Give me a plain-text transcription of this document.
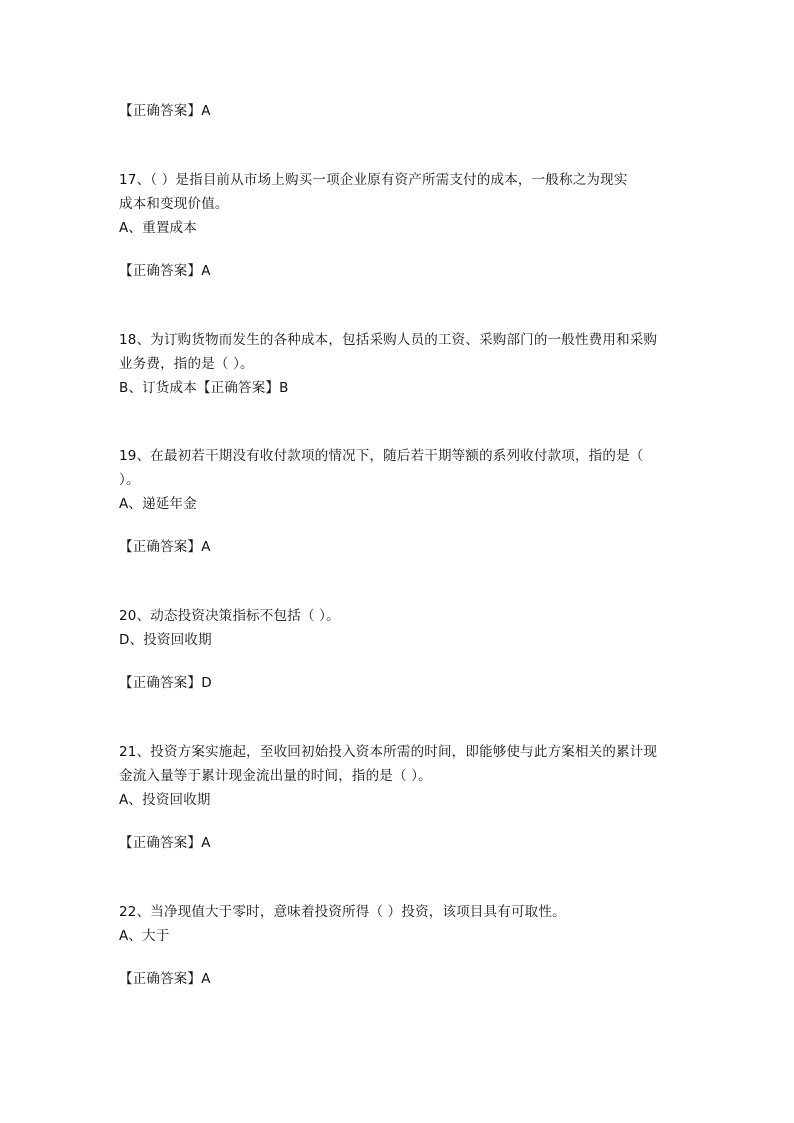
【正确答案】A
17、（ ）是指目前从市场上购买一项企业原有资产所需支付的成本，一般称之为现实
成本和变现价值。
A、重置成本
【正确答案】A
18、为订购货物而发生的各种成本，包括采购人员的工资、采购部门的一般性费用和采购
业务费，指的是（ ）。
B、订货成本【正确答案】B
19、在最初若干期没有收付款项的情况下，随后若干期等额的系列收付款项，指的是（
）。
A、递延年金
【正确答案】A
20、动态投资决策指标不包括（ ）。
D、投资回收期
【正确答案】D
21、投资方案实施起，至收回初始投入资本所需的时间，即能够使与此方案相关的累计现
金流入量等于累计现金流出量的时间，指的是（ ）。
A、投资回收期
【正确答案】A
22、当净现值大于零时，意味着投资所得（ ）投资，该项目具有可取性。
A、大于
【正确答案】A
